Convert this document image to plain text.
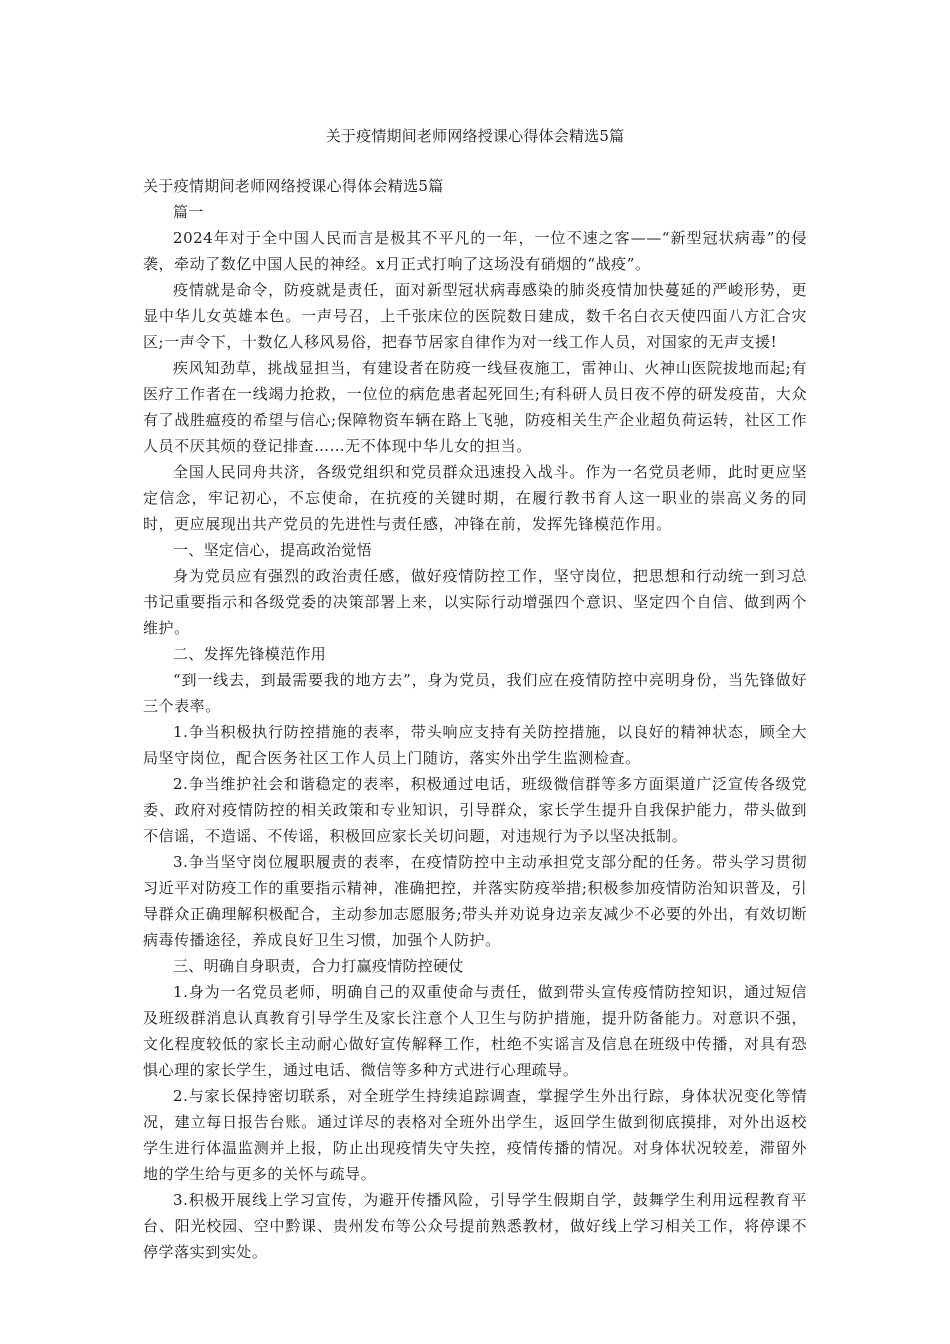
关于疫情期间老师网络授课心得体会精选5篇

关于疫情期间老师网络授课心得体会精选5篇

篇一

2024年对于全中国人民而言是极其不平凡的一年，一位不速之客——“新型冠状病毒”的侵袭，牵动了数亿中国人民的神经。x月正式打响了这场没有硝烟的“战疫”。

疫情就是命令，防疫就是责任，面对新型冠状病毒感染的肺炎疫情加快蔓延的严峻形势，更显中华儿女英雄本色。一声号召，上千张床位的医院数日建成，数千名白衣天使四面八方汇合灾区;一声令下，十数亿人移风易俗，把春节居家自律作为对一线工作人员，对国家的无声支援!

疾风知劲草，挑战显担当，有建设者在防疫一线昼夜施工，雷神山、火神山医院拔地而起;有医疗工作者在一线竭力抢救，一位位的病危患者起死回生;有科研人员日夜不停的研发疫苗，大众有了战胜瘟疫的希望与信心;保障物资车辆在路上飞驰，防疫相关生产企业超负荷运转，社区工作人员不厌其烦的登记排查……无不体现中华儿女的担当。

全国人民同舟共济，各级党组织和党员群众迅速投入战斗。作为一名党员老师，此时更应坚定信念，牢记初心，不忘使命，在抗疫的关键时期，在履行教书育人这一职业的崇高义务的同时，更应展现出共产党员的先进性与责任感，冲锋在前，发挥先锋模范作用。

一、坚定信心，提高政治觉悟

身为党员应有强烈的政治责任感，做好疫情防控工作，坚守岗位，把思想和行动统一到习总书记重要指示和各级党委的决策部署上来，以实际行动增强四个意识、坚定四个自信、做到两个维护。

二、发挥先锋模范作用

“到一线去，到最需要我的地方去”，身为党员，我们应在疫情防控中亮明身份，当先锋做好三个表率。

1.争当积极执行防控措施的表率，带头响应支持有关防控措施，以良好的精神状态，顾全大局坚守岗位，配合医务社区工作人员上门随访，落实外出学生监测检查。

2.争当维护社会和谐稳定的表率，积极通过电话，班级微信群等多方面渠道广泛宣传各级党委、政府对疫情防控的相关政策和专业知识，引导群众，家长学生提升自我保护能力，带头做到不信谣，不造谣、不传谣，积极回应家长关切问题，对违规行为予以坚决抵制。

3.争当坚守岗位履职履责的表率，在疫情防控中主动承担党支部分配的任务。带头学习贯彻习近平对防疫工作的重要指示精神，准确把控，并落实防疫举措;积极参加疫情防治知识普及，引导群众正确理解积极配合，主动参加志愿服务;带头并劝说身边亲友减少不必要的外出，有效切断病毒传播途径，养成良好卫生习惯，加强个人防护。

三、明确自身职责，合力打赢疫情防控硬仗

1.身为一名党员老师，明确自己的双重使命与责任，做到带头宣传疫情防控知识，通过短信及班级群消息认真教育引导学生及家长注意个人卫生与防护措施，提升防备能力。对意识不强，文化程度较低的家长主动耐心做好宣传解释工作，杜绝不实谣言及信息在班级中传播，对具有恐惧心理的家长学生，通过电话、微信等多种方式进行心理疏导。

2.与家长保持密切联系，对全班学生持续追踪调查，掌握学生外出行踪，身体状况变化等情况，建立每日报告台账。通过详尽的表格对全班外出学生，返回学生做到彻底摸排，对外出返校学生进行体温监测并上报，防止出现疫情失守失控，疫情传播的情况。对身体状况较差，滞留外地的学生给与更多的关怀与疏导。

3.积极开展线上学习宣传，为避开传播风险，引导学生假期自学，鼓舞学生利用远程教育平台、阳光校园、空中黔课、贵州发布等公众号提前熟悉教材，做好线上学习相关工作，将停课不停学落实到实处。
